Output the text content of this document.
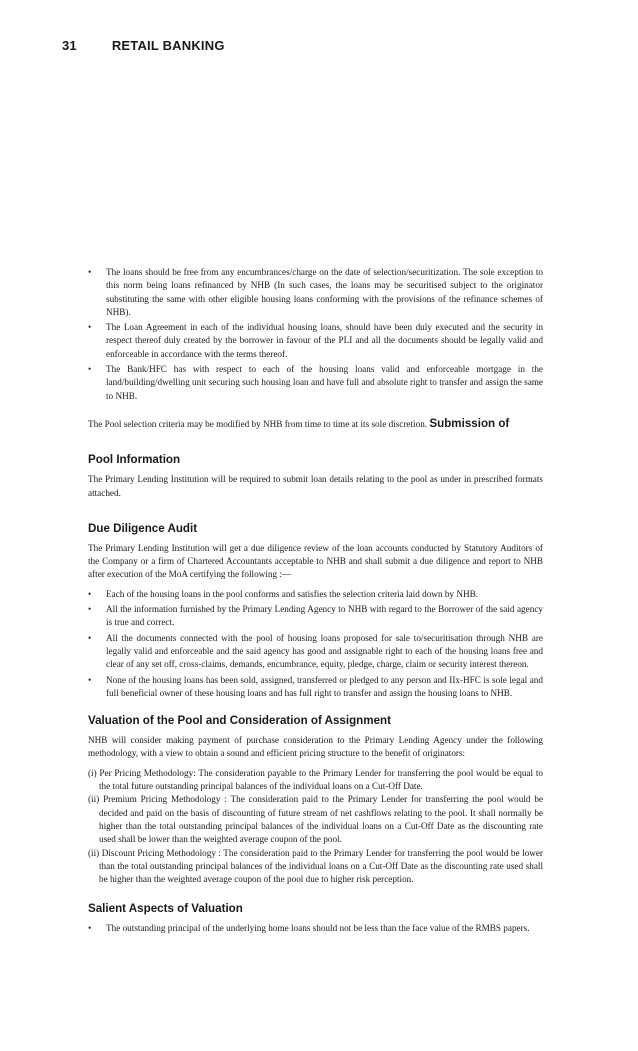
31	RETAIL BANKING
• The loans should be free from any encumbrances/charge on the date of selection/securitization. The sole exception to this norm being loans refinanced by NHB (In such cases, the loans may be securitised subject to the originator substituting the same with other eligible housing loans conforming with the provisions of the refinance schemes of NHB).
• The Loan Agreement in each of the individual housing loans, should have been duly executed and the security in respect thereof duly created by the borrower in favour of the PLI and all the documents should be legally valid and enforceable in accordance with the terms thereof.
• The Bank/HFC has with respect to each of the housing loans valid and enforceable mortgage in the land/building/dwelling unit securing such housing loan and have full and absolute right to transfer and assign the same to NHB.

The Pool selection criteria may be modified by NHB from time to time at its sole discretion. Submission of

Pool Information

The Primary Lending Institution will be required to submit loan details relating to the pool as under in prescribed formats attached.

Due Diligence Audit

The Primary Lending Institution will get a due diligence review of the loan accounts conducted by Statutory Auditors of the Company or a firm of Chartered Accountants acceptable to NHB and shall submit a due diligence and report to NHB after execution of the MoA certifying the following :—

• Each of the housing loans in the pool conforms and satisfies the selection criteria laid down by NHB.
• All the information furnished by the Primary Lending Agency to NHB with regard to the Borrower of the said agency is true and correct.
• All the documents connected with the pool of housing loans proposed for sale to/securitisation through NHB are legally valid and enforceable and the said agency has good and assignable right to each of the housing loans free and clear of any set off, cross-claims, demands, encumbrance, equity, pledge, charge, claim or security interest thereon.
• None of the housing loans has been sold, assigned, transferred or pledged to any person and IIx-HFC is sole legal and full beneficial owner of these housing loans and has full right to transfer and assign the housing loans to NHB.
Valuation of the Pool and Consideration of Assignment

NHB will consider making payment of purchase consideration to the Primary Lending Agency under the following methodology, with a view to obtain a sound and efficient pricing structure to the benefit of originators:

(i) Per Pricing Methodology: The consideration payable to the Primary Lender for transferring the pool would be equal to the total future outstanding principal balances of the individual loans on a Cut-Off Date.

(ii) Premium Pricing Methodology : The consideration paid to the Primary Lender for transferring the pool would be decided and paid on the basis of discounting of future stream of net cashflows relating to the pool. It shall normally be higher than the total outstanding principal balances of the individual loans on a Cut-Off Date as the discounting rate used shall be lower than the weighted average coupon of the pool.

(ii) Discount Pricing Methodology : The consideration paid to the Primary Lender for transferring the pool would be lower than the total outstanding principal balances of the individual loans on a Cut-Off Date as the discounting rate used shall be higher than the weighted average coupon of the pool due to higher risk perception.

Salient Aspects of Valuation
• The outstanding principal of the underlying home loans should not be less than the face value of the RMBS papers.
